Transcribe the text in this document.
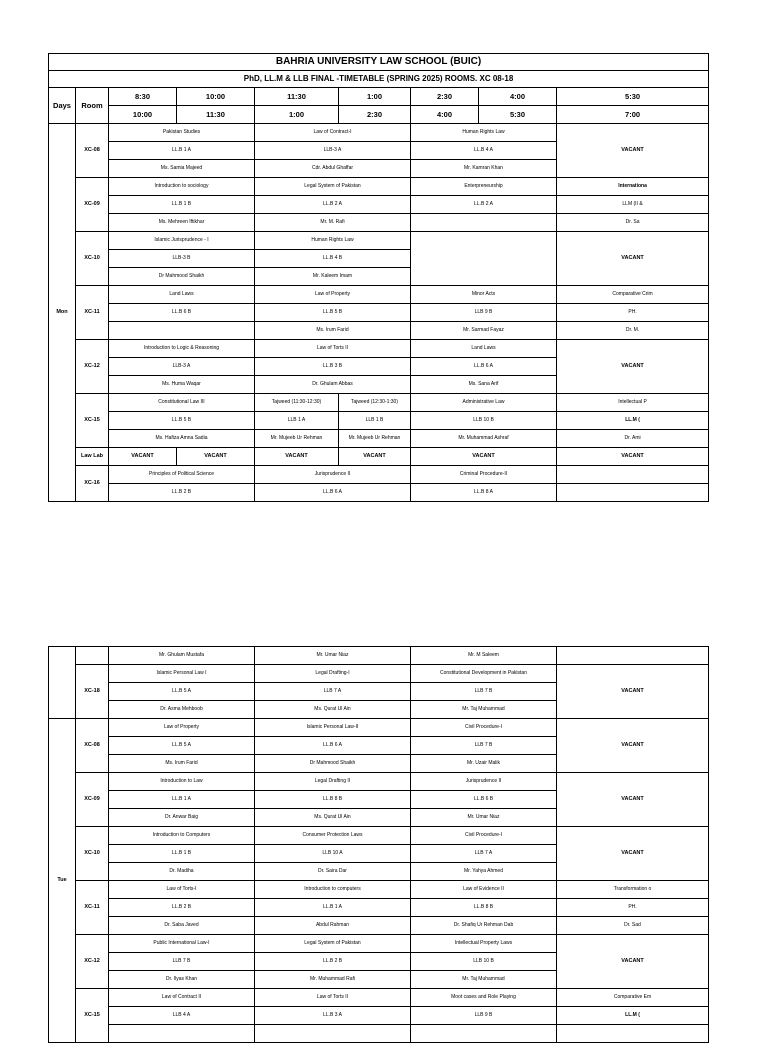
BAHRIA UNIVERSITY LAW SCHOOL (BUIC)								
PhD, LL.M & LLB FINAL -TIMETABLE (SPRING 2025) ROOMS. XC 08-18								
Days	Room	8:30	10:00	11:30	1:00	2:30	4:00	5:30
		10:00	11:30	1:00	2:30	4:00	5:30	7:00
Mon	XC-08	Pakistan Studies		Law of Contract-I		Human Rights Law		VACANT
		LL.B 1 A		LLB-3 A		LL.B 4 A		
		Ms. Samia Majeed		Cdr. Abdul Ghaffar		Mr. Kamran Khan		
	XC-09	Introduction to sociology		Legal System of Pakistan		Enterpreneurship		Internationa
		LL.B 1 B		LL.B 2 A		LL.B 2 A		LLM (II &
		Ms. Mehreen Iftikhar		Mr. M. Rafi				Dr. Sa
	XC-10	Islamic Jurisprudence - I		Human Rights Law				VACANT
		LLB-3 B		LL.B 4 B				
		Dr Mahmood Shaikh		Mr. Kaleem Imam				
	XC-11	Land Laws		Law of Property		Minor Acts		Comparative Crim
		LL.B 6 B		LL.B 5 B		LLB 9 B		PH.
				Ms. Irum Farid		Mr. Sarmad Fayaz		Dr. M.
	XC-12	Introduction to Logic & Reasoning		Law of Torts II		Land Laws		VACANT
		LLB-3 A		LL.B 3 B		LL.B 6 A		
		Ms. Huma Waqar		Dr. Ghulam Abbas		Ms. Sana Arif		
	XC-15	Constitutional Law III		Tajweed (11:30-12:30)	Tajweed (12:30-1:30)	Administrative Law		Intellectual P
		LL.B 5 B		LLB 1 A	LLB 1 B	LLB 10 B		LL.M (
		Ms. Hafiza Amna Sadia		Mr. Mujeeb Ur Rehman	Mr. Mujeeb Ur Rehman	Mr. Muhammad Ashraf		Dr. Ami
	Law Lab	VACANT	VACANT	VACANT	VACANT	VACANT		VACANT

	XC-16	Principles of Political Science		Jurisprudence II		Criminal Procedure-II		
		LL.B 2 B		LL.B 6 A		LL.B 8 A		
		Mr. Ghulam Mustafa	Mr. Umar Niaz	Mr. M Saleem	
	XC-18	Islamic Personal Law I	Legal Drafting-I	Constitutional Development in Pakistan	VACANT
		LL.B 5 A	LLB 7 A	LLB 7 B	
		Dr. Asma Mehboob	Ms. Qurat Ul Ain	Mr. Taj Muhammad	
Tue	XC-08	Law of Property	Islamic Personal Law-II	Civil Procedure-I	VACANT
		LL.B 5 A	LL.B 6 A	LLB 7 B	
		Ms. Irum Farid	Dr Mahmood Shaikh	Mr. Uzair Malik	
	XC-09	Introduction to Law	Legal Drafting II	Jurisprudence II	VACANT
		LL.B 1 A	LL.B 8 B	LL.B 6 B	
		Dr. Anwar Baig	Ms. Qurat Ul Ain	Mr. Umar Niaz	
	XC-10	Introduction to Computers	Consumer Protection Laws	Civil Procedure-I	VACANT
		LL.B 1 B	LLB 10 A	LLB 7 A	
		Dr. Madiha	Dr. Saira Dar	Mr. Yahya Ahmed	
	XC-11	Law of Torts-I	Introduction to computers	Law of Evidence II	Transformation o
		LL.B 2 B	LL.B 1 A	LL.B 8 B	PH.
		Dr. Saba Javed	Abdul Rahman	Dr. Shafiq Ur Rehman Dab	Dr. Sad
	XC-12	Public International Law-I	Legal System of Pakistan	Intellectual Property Laws	VACANT
		LLB 7 B	LL.B 2 B	LLB 10 B	
		Dr. Ilyas Khan	Mr. Muhammad Rafi	Mr. Taj Muhammad	
	XC-15	Law of Contract II	Law of Torts II	Moot cases and Role Playing	Comparative Em
		LLB 4 A	LL.B 3 A	LLB 9 B	LL.M (
